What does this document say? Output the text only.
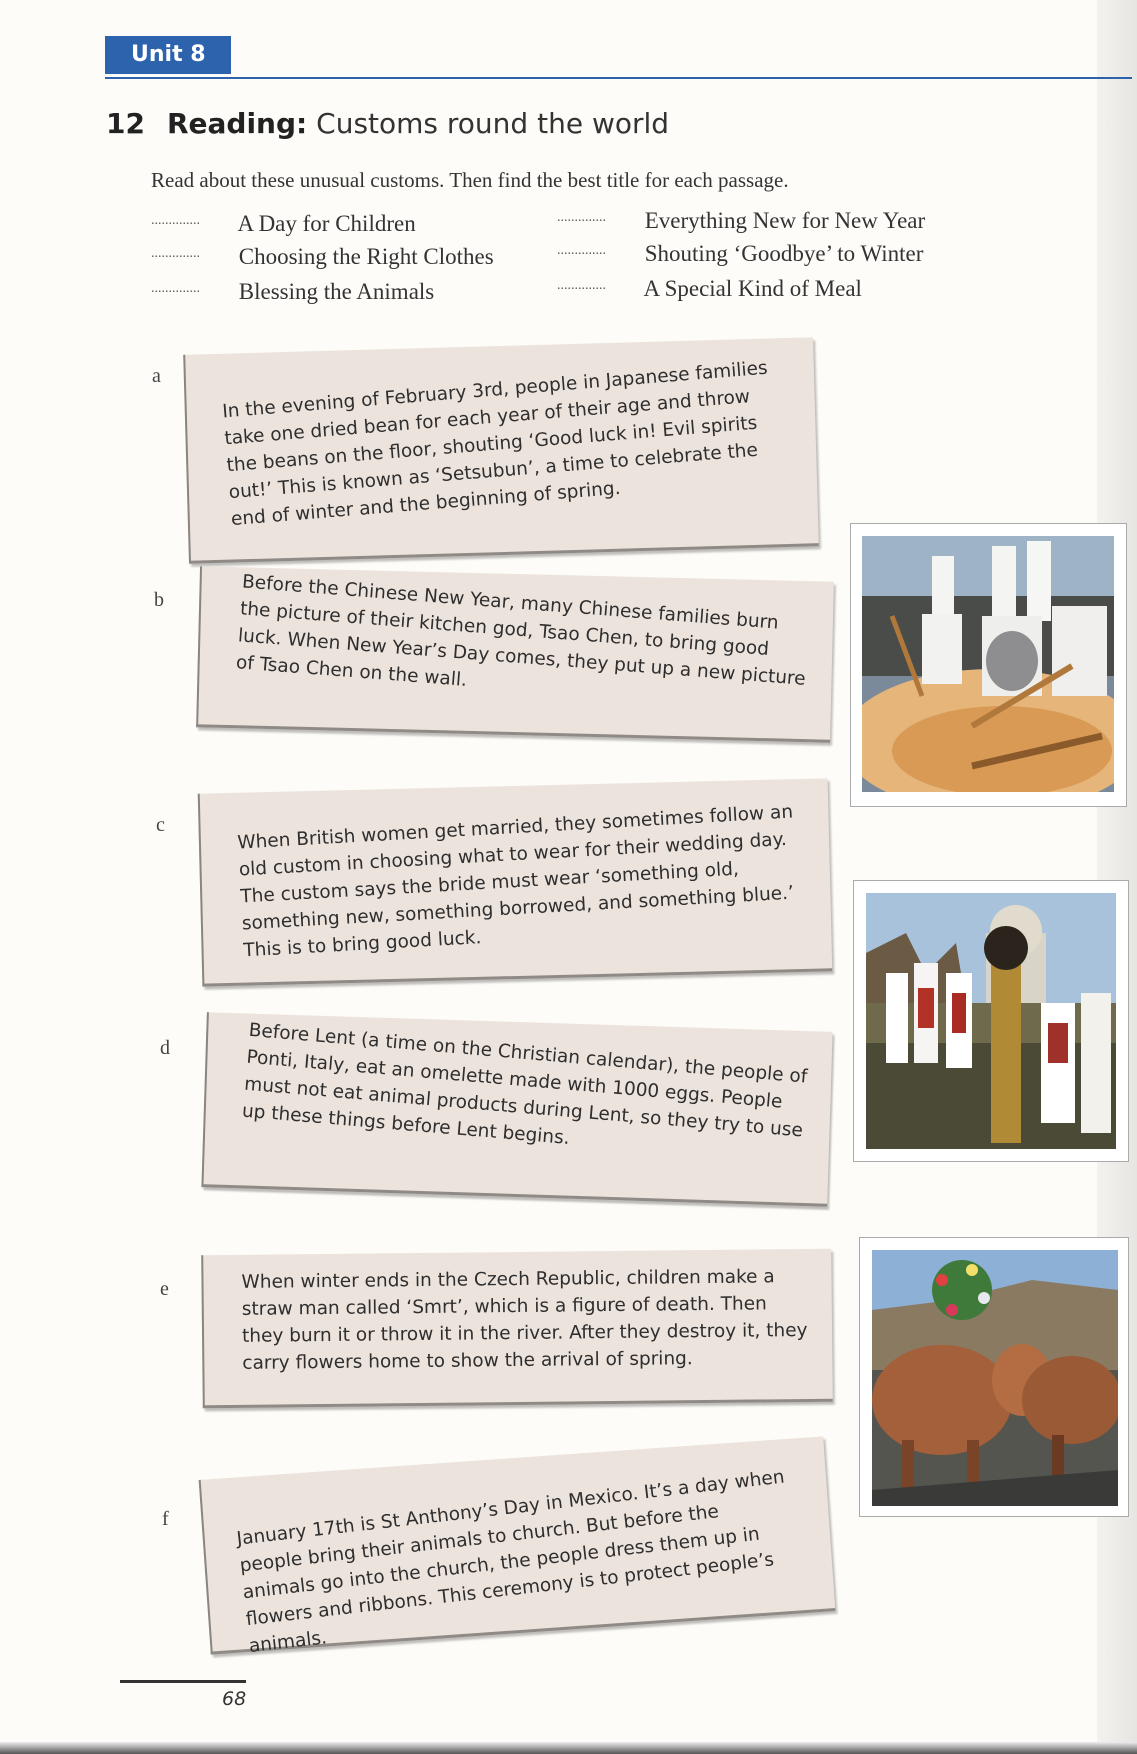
Unit 8
12 Reading: Customs round the world
Read about these unusual customs. Then find the best title for each passage.
.............. A Day for Children
.............. Choosing the Right Clothes
.............. Blessing the Animals
.............. Everything New for New Year
.............. Shouting ‘Goodbye’ to Winter
.............. A Special Kind of Meal
a	In the evening of February 3rd, people in Japanese families take one dried bean for each year of their age and throw the beans on the floor, shouting ‘Good luck in! Evil spirits out!’ This is known as ‘Setsubun’, a time to celebrate the end of winter and the beginning of spring.

b	Before the Chinese New Year, many Chinese families burn the picture of their kitchen god, Tsao Chen, to bring good luck. When New Year’s Day comes, they put up a new picture of Tsao Chen on the wall.

c	When British women get married, they sometimes follow an old custom in choosing what to wear for their wedding day. The custom says the bride must wear ‘something old, something new, something borrowed, and something blue.’ This is to bring good luck.

d	Before Lent (a time on the Christian calendar), the people of Ponti, Italy, eat an omelette made with 1000 eggs. People must not eat animal products during Lent, so they try to use up these things before Lent begins.

e	When winter ends in the Czech Republic, children make a straw man called ‘Smrt’, which is a figure of death. Then they burn it or throw it in the river. After they destroy it, they carry flowers home to show the arrival of spring.

f	January 17th is St Anthony’s Day in Mexico. It’s a day when people bring their animals to church. But before the animals go into the church, the people dress them up in flowers and ribbons. This ceremony is to protect people’s animals.

68
